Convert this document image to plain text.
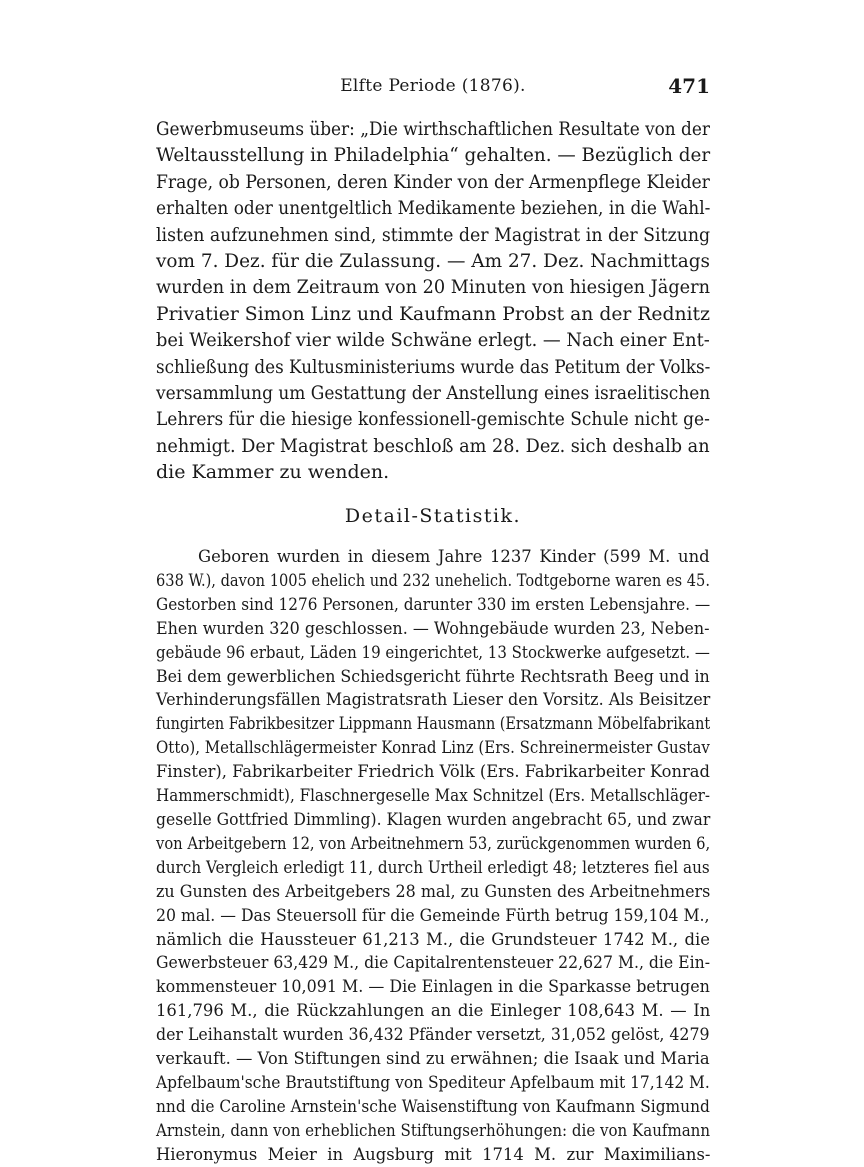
Elfte Periode (1876).	471
Gewerbmuseums über: „Die wirthschaftlichen Resultate von der
Weltausstellung in Philadelphia“ gehalten. — Bezüglich der
Frage, ob Personen, deren Kinder von der Armenpflege Kleider
erhalten oder unentgeltlich Medikamente beziehen, in die Wahl-
listen aufzunehmen sind, stimmte der Magistrat in der Sitzung
vom 7. Dez. für die Zulassung. — Am 27. Dez. Nachmittags
wurden in dem Zeitraum von 20 Minuten von hiesigen Jägern
Privatier Simon Linz und Kaufmann Probst an der Rednitz
bei Weikershof vier wilde Schwäne erlegt. — Nach einer Ent-
schließung des Kultusministeriums wurde das Petitum der Volks-
versammlung um Gestattung der Anstellung eines israelitischen
Lehrers für die hiesige konfessionell-gemischte Schule nicht ge-
nehmigt. Der Magistrat beschloß am 28. Dez. sich deshalb an
die Kammer zu wenden.
Detail-Statistik.
Geboren wurden in diesem Jahre 1237 Kinder (599 M. und
638 W.), davon 1005 ehelich und 232 unehelich. Todtgeborne waren es 45.
Gestorben sind 1276 Personen, darunter 330 im ersten Lebensjahre. —
Ehen wurden 320 geschlossen. — Wohngebäude wurden 23, Neben-
gebäude 96 erbaut, Läden 19 eingerichtet, 13 Stockwerke aufgesetzt. —
Bei dem gewerblichen Schiedsgericht führte Rechtsrath Beeg und in
Verhinderungsfällen Magistratsrath Lieser den Vorsitz. Als Beisitzer
fungirten Fabrikbesitzer Lippmann Hausmann (Ersatzmann Möbelfabrikant
Otto), Metallschlägermeister Konrad Linz (Ers. Schreinermeister Gustav
Finster), Fabrikarbeiter Friedrich Völk (Ers. Fabrikarbeiter Konrad
Hammerschmidt), Flaschnergeselle Max Schnitzel (Ers. Metallschläger-
geselle Gottfried Dimmling). Klagen wurden angebracht 65, und zwar
von Arbeitgebern 12, von Arbeitnehmern 53, zurückgenommen wurden 6,
durch Vergleich erledigt 11, durch Urtheil erledigt 48; letzteres fiel aus
zu Gunsten des Arbeitgebers 28 mal, zu Gunsten des Arbeitnehmers
20 mal. — Das Steuersoll für die Gemeinde Fürth betrug 159,104 M.,
nämlich die Haussteuer 61,213 M., die Grundsteuer 1742 M., die
Gewerbsteuer 63,429 M., die Capitalrentensteuer 22,627 M., die Ein-
kommensteuer 10,091 M. — Die Einlagen in die Sparkasse betrugen
161,796 M., die Rückzahlungen an die Einleger 108,643 M. — In
der Leihanstalt wurden 36,432 Pfänder versetzt, 31,052 gelöst, 4279
verkauft. — Von Stiftungen sind zu erwähnen; die Isaak und Maria
Apfelbaum'sche Brautstiftung von Spediteur Apfelbaum mit 17,142 M.
nnd die Caroline Arnstein'sche Waisenstiftung von Kaufmann Sigmund
Arnstein, dann von erheblichen Stiftungserhöhungen: die von Kaufmann
Hieronymus Meier in Augsburg mit 1714 M. zur Maximilians-
